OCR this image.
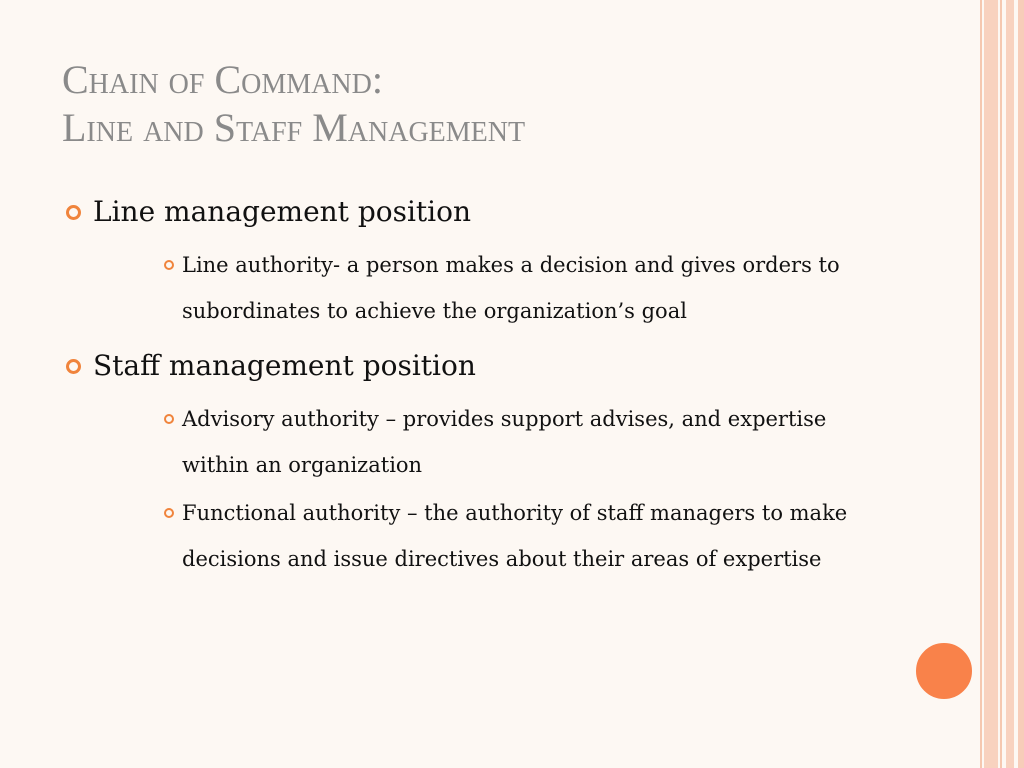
Chain of Command:
Line and Staff Management
Line management position
Line authority- a person makes a decision and gives orders to subordinates to achieve the organization’s goal
Staff management position
Advisory authority – provides support advises, and expertise within an organization
Functional authority – the authority of staff managers to make decisions and issue directives about their areas of expertise
